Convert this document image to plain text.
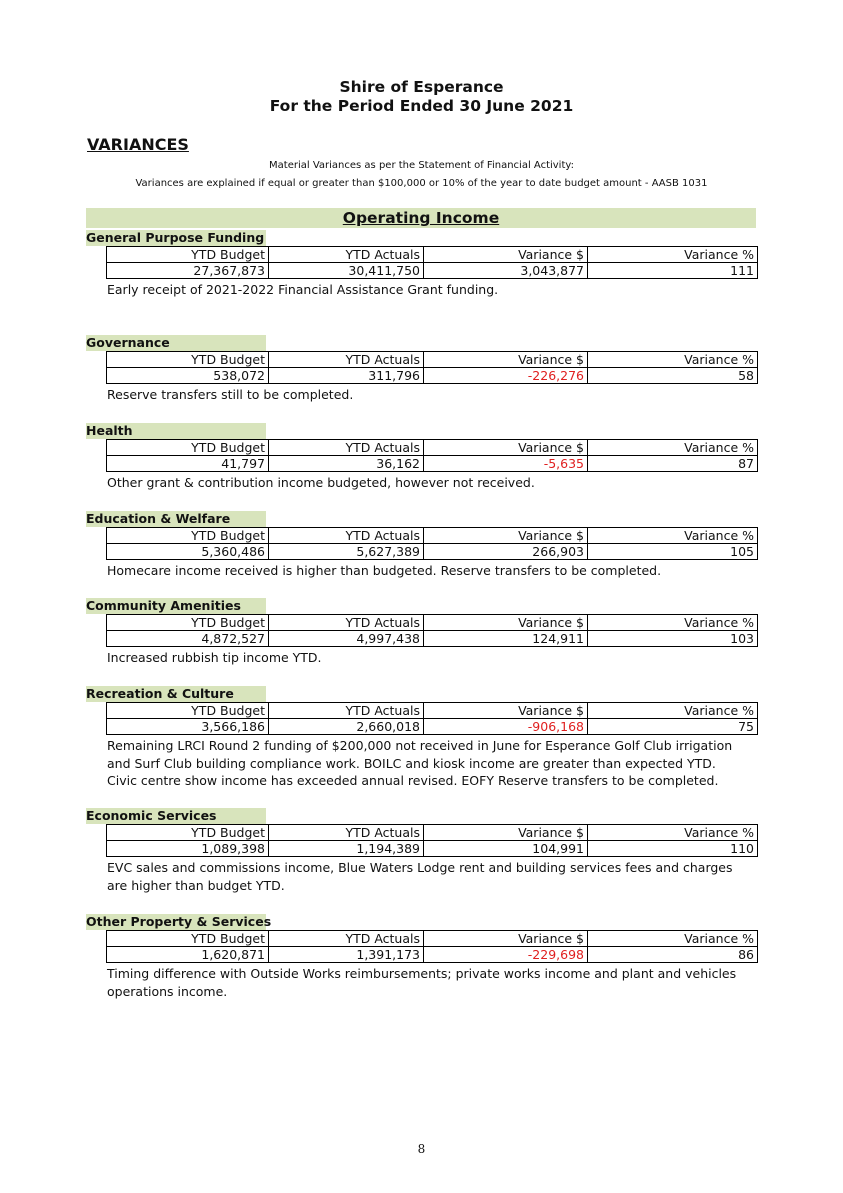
Shire of Esperance
For the Period Ended 30 June 2021
VARIANCES
Material Variances as per the Statement of Financial Activity:
Variances are explained if equal or greater than $100,000 or 10% of the year to date budget amount - AASB 1031
Operating Income
General Purpose Funding
YTD Budget	YTD Actuals	Variance $	Variance %
27,367,873	30,411,750	3,043,877	111
Early receipt of 2021-2022 Financial Assistance Grant funding.
Governance
YTD Budget	YTD Actuals	Variance $	Variance %
538,072	311,796	-226,276	58
Reserve transfers still to be completed.
Health
YTD Budget	YTD Actuals	Variance $	Variance %
41,797	36,162	-5,635	87
Other grant & contribution income budgeted, however not received.
Education & Welfare
YTD Budget	YTD Actuals	Variance $	Variance %
5,360,486	5,627,389	266,903	105
Homecare income received is higher than budgeted. Reserve transfers to be completed.
Community Amenities
YTD Budget	YTD Actuals	Variance $	Variance %
4,872,527	4,997,438	124,911	103
Increased rubbish tip income YTD.
Recreation & Culture
YTD Budget	YTD Actuals	Variance $	Variance %
3,566,186	2,660,018	-906,168	75
Remaining LRCI Round 2 funding of $200,000 not received in June for Esperance Golf Club irrigation and Surf Club building compliance work. BOILC and kiosk income are greater than expected YTD. Civic centre show income has exceeded annual revised. EOFY Reserve transfers to be completed.
Economic Services
YTD Budget	YTD Actuals	Variance $	Variance %
1,089,398	1,194,389	104,991	110
EVC sales and commissions income, Blue Waters Lodge rent and building services fees and charges are higher than budget YTD.
Other Property & Services
YTD Budget	YTD Actuals	Variance $	Variance %
1,620,871	1,391,173	-229,698	86
Timing difference with Outside Works reimbursements; private works income and plant and vehicles operations income.
8
